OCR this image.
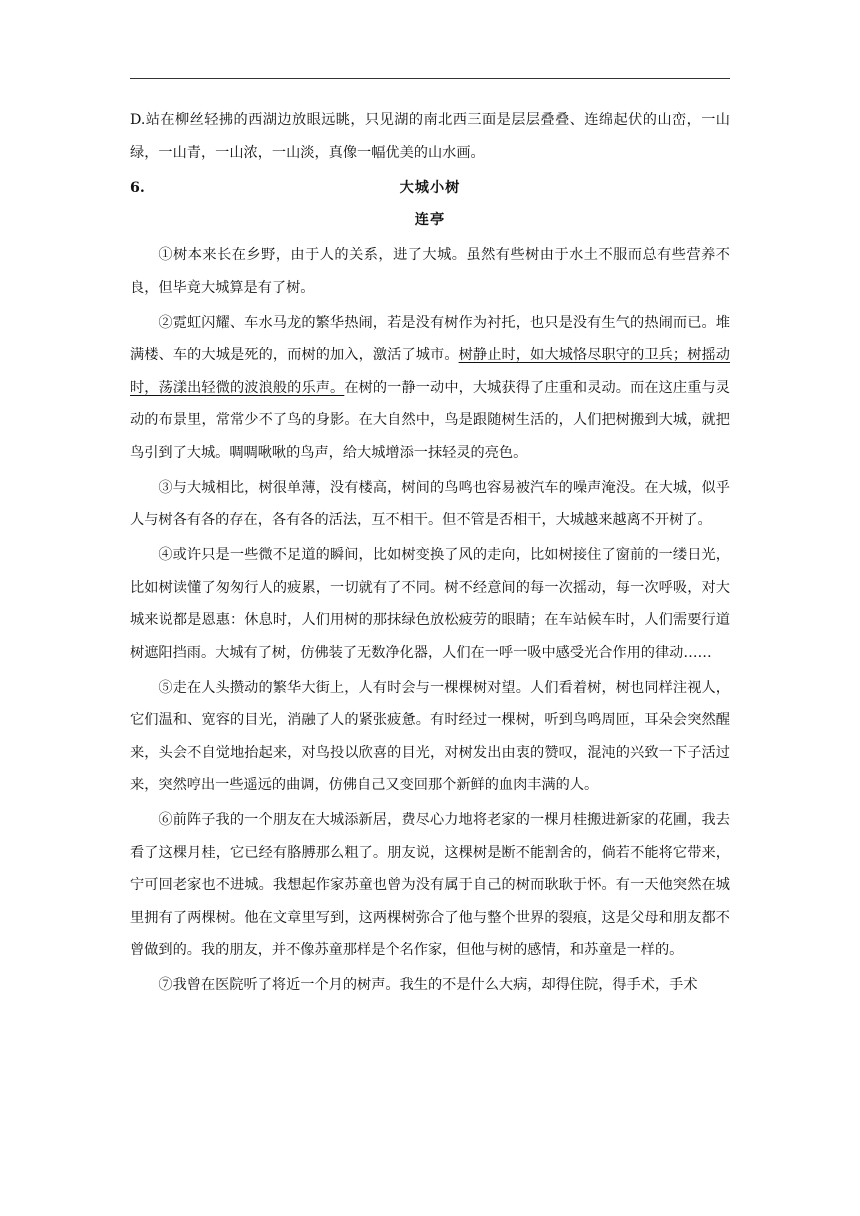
D.站在柳丝轻拂的西湖边放眼远眺，只见湖的南北西三面是层层叠叠、连绵起伏的山峦，一山绿，一山青，一山浓，一山淡，真像一幅优美的山水画。

6.	大城小树
连亭

①树本来长在乡野，由于人的关系，进了大城。虽然有些树由于水土不服而总有些营养不良，但毕竟大城算是有了树。

②霓虹闪耀、车水马龙的繁华热闹，若是没有树作为衬托，也只是没有生气的热闹而已。堆满楼、车的大城是死的，而树的加入，激活了城市。树静止时，如大城恪尽职守的卫兵；树摇动时，荡漾出轻微的波浪般的乐声。在树的一静一动中，大城获得了庄重和灵动。而在这庄重与灵动的布景里，常常少不了鸟的身影。在大自然中，鸟是跟随树生活的，人们把树搬到大城，就把鸟引到了大城。啁啁啾啾的鸟声，给大城增添一抹轻灵的亮色。

③与大城相比，树很单薄，没有楼高，树间的鸟鸣也容易被汽车的噪声淹没。在大城，似乎人与树各有各的存在，各有各的活法，互不相干。但不管是否相干，大城越来越离不开树了。

④或许只是一些微不足道的瞬间，比如树变换了风的走向，比如树接住了窗前的一缕日光，比如树读懂了匆匆行人的疲累，一切就有了不同。树不经意间的每一次摇动，每一次呼吸，对大城来说都是恩惠：休息时，人们用树的那抹绿色放松疲劳的眼睛；在车站候车时，人们需要行道树遮阳挡雨。大城有了树，仿佛装了无数净化器，人们在一呼一吸中感受光合作用的律动……

⑤走在人头攒动的繁华大街上，人有时会与一棵棵树对望。人们看着树，树也同样注视人，它们温和、宽容的目光，消融了人的紧张疲惫。有时经过一棵树，听到鸟鸣周匝，耳朵会突然醒来，头会不自觉地抬起来，对鸟投以欣喜的目光，对树发出由衷的赞叹，混沌的兴致一下子活过来，突然哼出一些遥远的曲调，仿佛自己又变回那个新鲜的血肉丰满的人。

⑥前阵子我的一个朋友在大城添新居，费尽心力地将老家的一棵月桂搬进新家的花圃，我去看了这棵月桂，它已经有胳膊那么粗了。朋友说，这棵树是断不能割舍的，倘若不能将它带来，宁可回老家也不进城。我想起作家苏童也曾为没有属于自己的树而耿耿于怀。有一天他突然在城里拥有了两棵树。他在文章里写到，这两棵树弥合了他与整个世界的裂痕，这是父母和朋友都不曾做到的。我的朋友，并不像苏童那样是个名作家，但他与树的感情，和苏童是一样的。

⑦我曾在医院听了将近一个月的树声。我生的不是什么大病，却得住院，得手术，手术
